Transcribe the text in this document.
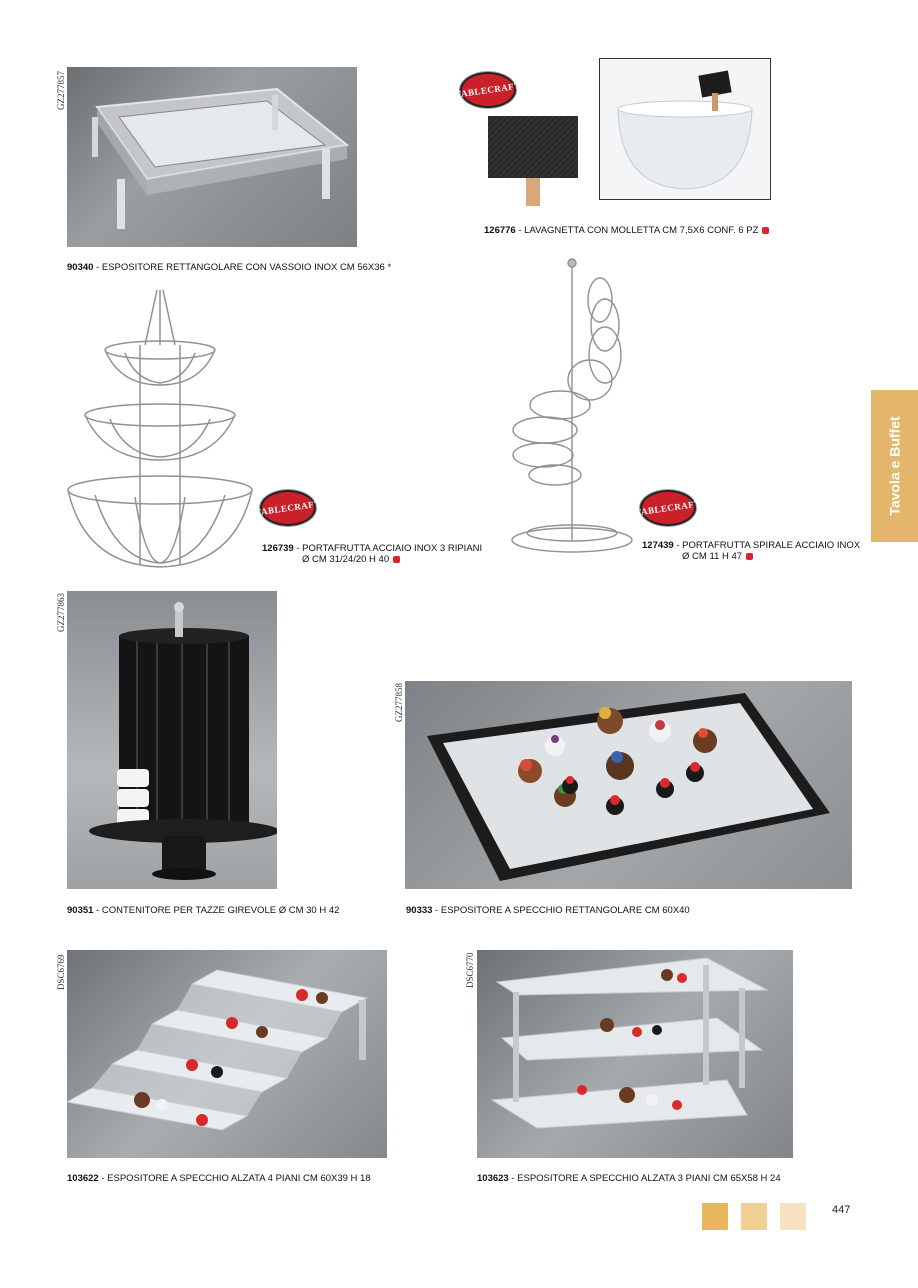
GZ277857
90340 - ESPOSITORE RETTANGOLARE CON VASSOIO INOX CM 56X36 *
TABLECRAFT
126776 - LAVAGNETTA CON MOLLETTA CM 7,5X6 CONF. 6 PZ
TABLECRAFT
126739 - PORTAFRUTTA ACCIAIO INOX 3 RIPIANI
Ø CM 31/24/20 H 40
TABLECRAFT
127439 - PORTAFRUTTA SPIRALE ACCIAIO INOX
Ø CM 11 H 47
Tavola e Buffet
GZ277863
90351 - CONTENITORE PER TAZZE GIREVOLE Ø CM 30 H 42
GZ277858
90333 - ESPOSITORE A SPECCHIO RETTANGOLARE CM 60X40
DSC6769
103622 - ESPOSITORE A SPECCHIO ALZATA 4 PIANI CM 60X39 H 18
DSC6770
103623 - ESPOSITORE A SPECCHIO ALZATA 3 PIANI CM 65X58 H 24
447
